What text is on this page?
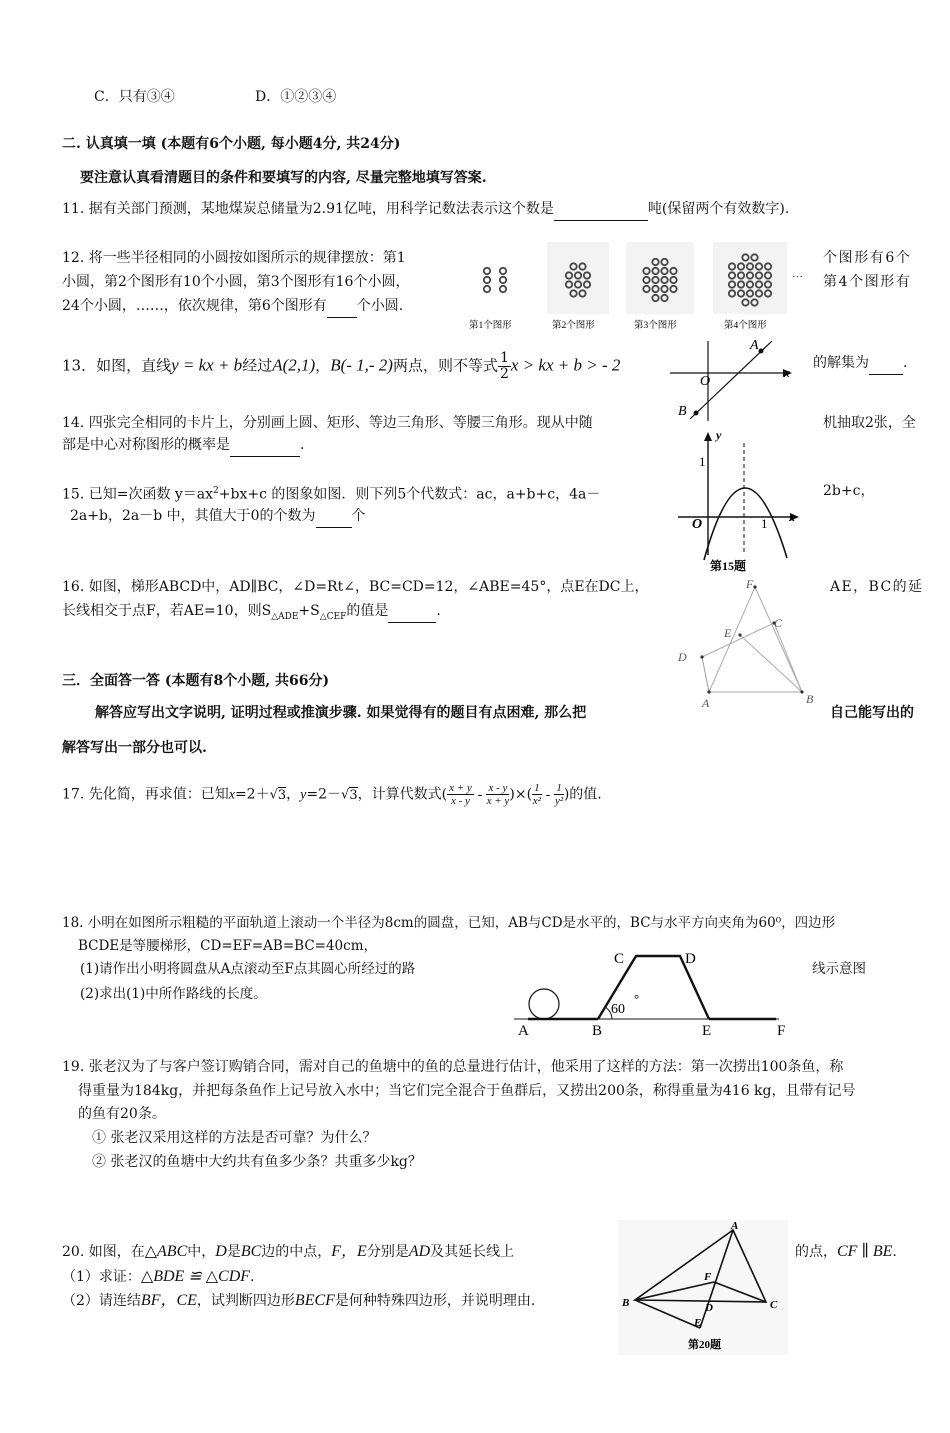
C．只有③④	D．①②③④
二. 认真填一填 (本题有6个小题, 每小题4分, 共24分)
要注意认真看清题目的条件和要填写的内容, 尽量完整地填写答案.
11. 据有关部门预测，某地煤炭总储量为2.91亿吨，用科学记数法表示这个数是	吨(保留两个有效数字).
12. 将一些半径相同的小圆按如图所示的规律摆放：第1	个图形有6个
小圆，第2个图形有10个小圆，第3个图形有16个小圆，	第4个图形有
24个小圆，……，依次规律，第6个图形有 个小圆.
第1个图形	第2个图形	第3个图形	第4个图形
···
13．如图，直线y = kx + b经过A(2,1)，B(- 1,- 2)两点，则不等式 $\frac{1}{2}$ x > kx + b > - 2	的解集为 .
A
B
O
x
14. 四张完全相同的卡片上，分别画上圆、矩形、等边三角形、等腰三角形。现从中随	机抽取2张，全
部是中心对称图形的概率是	.
15. 已知=次函数 $y=ax^2+bx+c$ 的图象如图．则下列5个代数式：ac，a+b+c，4a－	2b+c，
2a+b，2a－b 中，其值大于0的个数为	个
y
x
O
1
1
第15题
16. 如图，梯形ABCD中，AD∥BC，∠D=Rt∠，BC=CD=12，∠ABE=45°，点E在DC上，	AE，BC的延
长线相交于点F，若AE=10，则$S_{\triangle ADE}+S_{\triangle CEF}$的值是	.
F
C
E
D
A	B
三．全面答一答 (本题有8个小题, 共66分)
解答应写出文字说明, 证明过程或推演步骤. 如果觉得有的题目有点困难, 那么把	自己能写出的
解答写出一部分也可以.
17. 先化简，再求值：已知x=2＋√3，y=2－√3，计算代数式( $\frac{x + y}{x - y} - \frac{x - y}{x + y}$ )×( $\frac{1}{\text{x²}} - \frac{1}{\text{y²}}$ )的值.
18. 小明在如图所示粗糙的平面轨道上滚动一个半径为8cm的圆盘，已知，AB与CD是水平的，BC与水平方向夹角为60⁰，四边形
BCDE是等腰梯形，CD=EF=AB=BC=40cm，
(1)请作出小明将圆盘从A点滚动至F点其圆心所经过的路	线示意图
(2)求出(1)中所作路线的长度。
C	D
A	B	E	F
60
°
19. 张老汉为了与客户签订购销合同，需对自己的鱼塘中的鱼的总量进行估计，他采用了这样的方法：第一次捞出100条鱼，称
得重量为184kg，并把每条鱼作上记号放入水中；当它们完全混合于鱼群后，又捞出200条，称得重量为416 kg，且带有记号
的鱼有20条。
① 张老汉采用这样的方法是否可靠？为什么？
② 张老汉的鱼塘中大约共有鱼多少条？共重多少kg？
20. 如图，在△ABC中，D是BC边的中点，F，E分别是AD及其延长线上	的点，CF ∥ BE.
（1）求证：△BDE ≌ △CDF.
（2）请连结BF，CE，试判断四边形BECF是何种特殊四边形，并说明理由.
A
F
B	D	C
E
第20题
